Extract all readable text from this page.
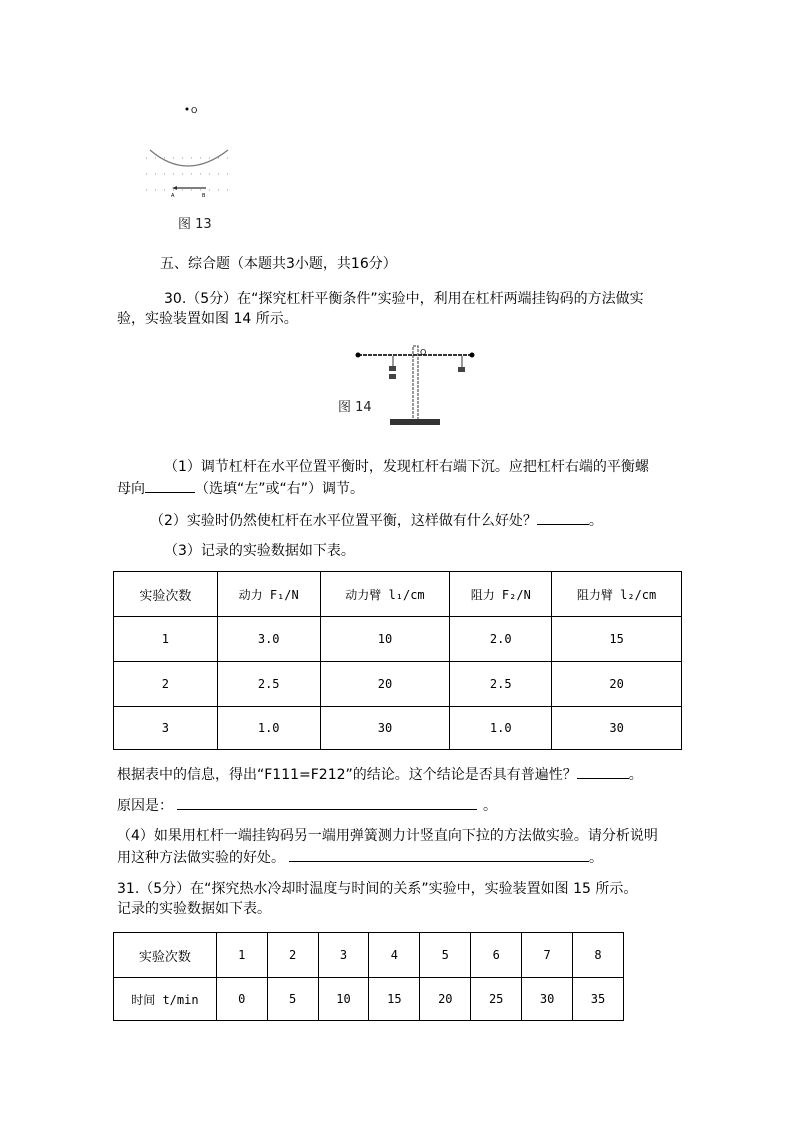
O
A	B
图 13
五、综合题（本题共3小题，共16分）
30.（5分）在“探究杠杆平衡条件”实验中，利用在杠杆两端挂钩码的方法做实
验，实验装置如图 14 所示。
O
图 14
（1）调节杠杆在水平位置平衡时，发现杠杆右端下沉。应把杠杆右端的平衡螺
母向	（选填“左”或“右”）调节。
（2）实验时仍然使杠杆在水平位置平衡，这样做有什么好处？	。
（3）记录的实验数据如下表。
实验次数	动力 F₁/N	动力臂 l₁/cm	阻力 F₂/N	阻力臂 l₂/cm
1	3.0	10	2.0	15
2	2.5	20	2.5	20
3	1.0	30	1.0	30
根据表中的信息，得出“F111=F212”的结论。这个结论是否具有普遍性？	。
原因是：	。
（4）如果用杠杆一端挂钩码另一端用弹簧测力计竖直向下拉的方法做实验。请分析说明
用这种方法做实验的好处。	。
31.（5分）在“探究热水冷却时温度与时间的关系”实验中，实验装置如图 15 所示。
记录的实验数据如下表。
实验次数	1	2	3	4	5	6	7	8
时间 t/min	0	5	10	15	20	25	30	35
